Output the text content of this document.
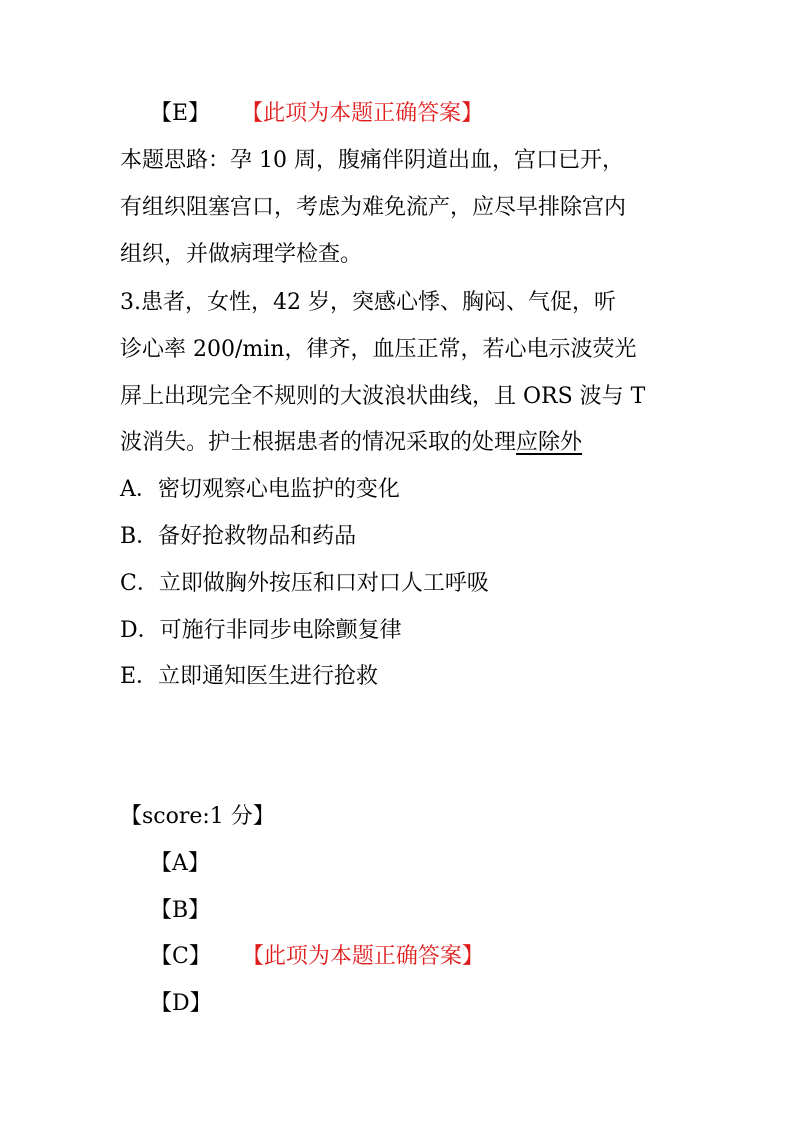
【E】 【此项为本题正确答案】
本题思路：孕 10 周，腹痛伴阴道出血，宫口已开，
有组织阻塞宫口，考虑为难免流产，应尽早排除宫内
组织，并做病理学检查。
3.患者，女性，42 岁，突感心悸、胸闷、气促，听
诊心率 200/min，律齐，血压正常，若心电示波荧光
屏上出现完全不规则的大波浪状曲线，且 ORS 波与 T
波消失。护士根据患者的情况采取的处理应除外
A．密切观察心电监护的变化
B．备好抢救物品和药品
C．立即做胸外按压和口对口人工呼吸
D．可施行非同步电除颤复律
E．立即通知医生进行抢救
【score:1 分】
【A】
【B】
【C】 【此项为本题正确答案】
【D】
